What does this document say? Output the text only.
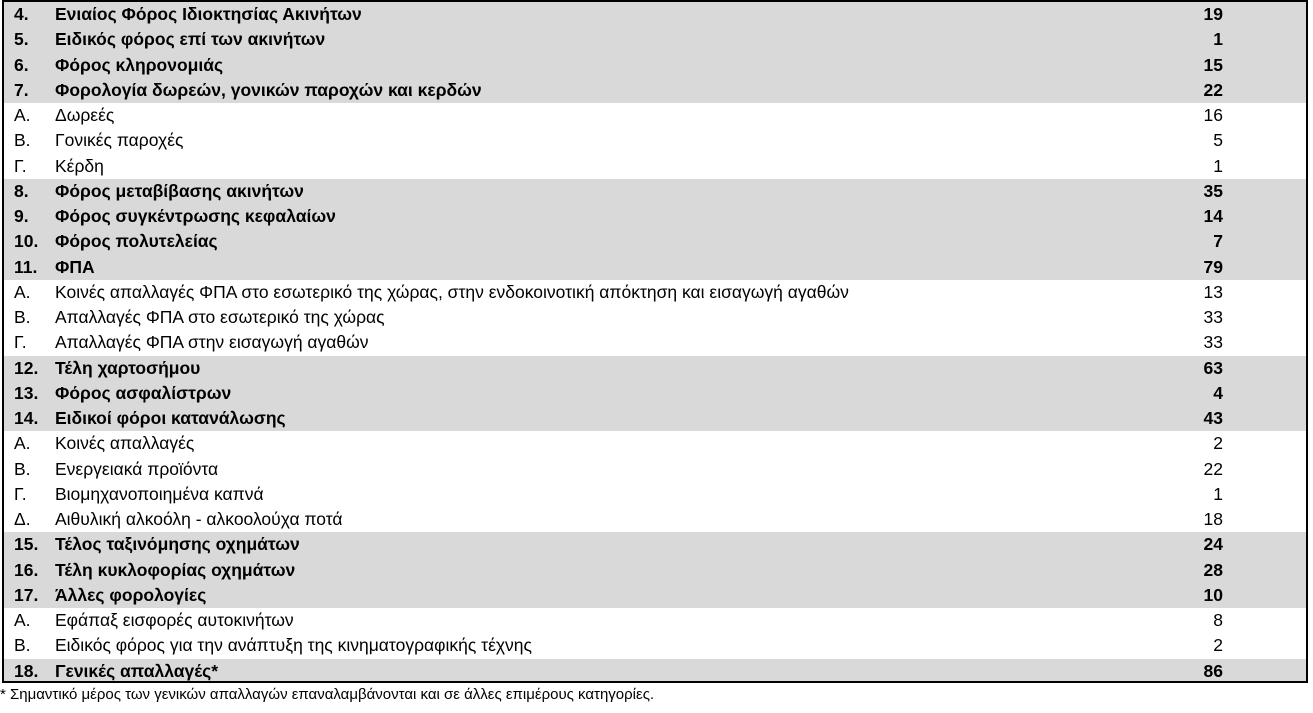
4. Ενιαίος Φόρος Ιδιοκτησίας Ακινήτων	19
5. Ειδικός φόρος επί των ακινήτων	1
6. Φόρος κληρονομιάς	15
7. Φορολογία δωρεών, γονικών παροχών και κερδών	22
Α. Δωρεές	16
Β. Γονικές παροχές	5
Γ. Κέρδη	1
8. Φόρος μεταβίβασης ακινήτων	35
9. Φόρος συγκέντρωσης κεφαλαίων	14
10. Φόρος πολυτελείας	7
11. ΦΠΑ	79
Α. Κοινές απαλλαγές ΦΠΑ στο εσωτερικό της χώρας, στην ενδοκοινοτική απόκτηση και εισαγωγή αγαθών	13
Β. Απαλλαγές ΦΠΑ στο εσωτερικό της χώρας	33
Γ. Απαλλαγές ΦΠΑ στην εισαγωγή αγαθών	33
12. Τέλη χαρτοσήμου	63
13. Φόρος ασφαλίστρων	4
14. Ειδικοί φόροι κατανάλωσης	43
Α. Κοινές απαλλαγές	2
Β. Ενεργειακά προϊόντα	22
Γ. Βιομηχανοποιημένα καπνά	1
Δ. Αιθυλική αλκοόλη - αλκοολούχα ποτά	18
15. Τέλος ταξινόμησης οχημάτων	24
16. Τέλη κυκλοφορίας οχημάτων	28
17. Άλλες φορολογίες	10
Α. Εφάπαξ εισφορές αυτοκινήτων	8
Β. Ειδικός φόρος για την ανάπτυξη της κινηματογραφικής τέχνης	2
18. Γενικές απαλλαγές*	86
* Σημαντικό μέρος των γενικών απαλλαγών επαναλαμβάνονται και σε άλλες επιμέρους κατηγορίες.
